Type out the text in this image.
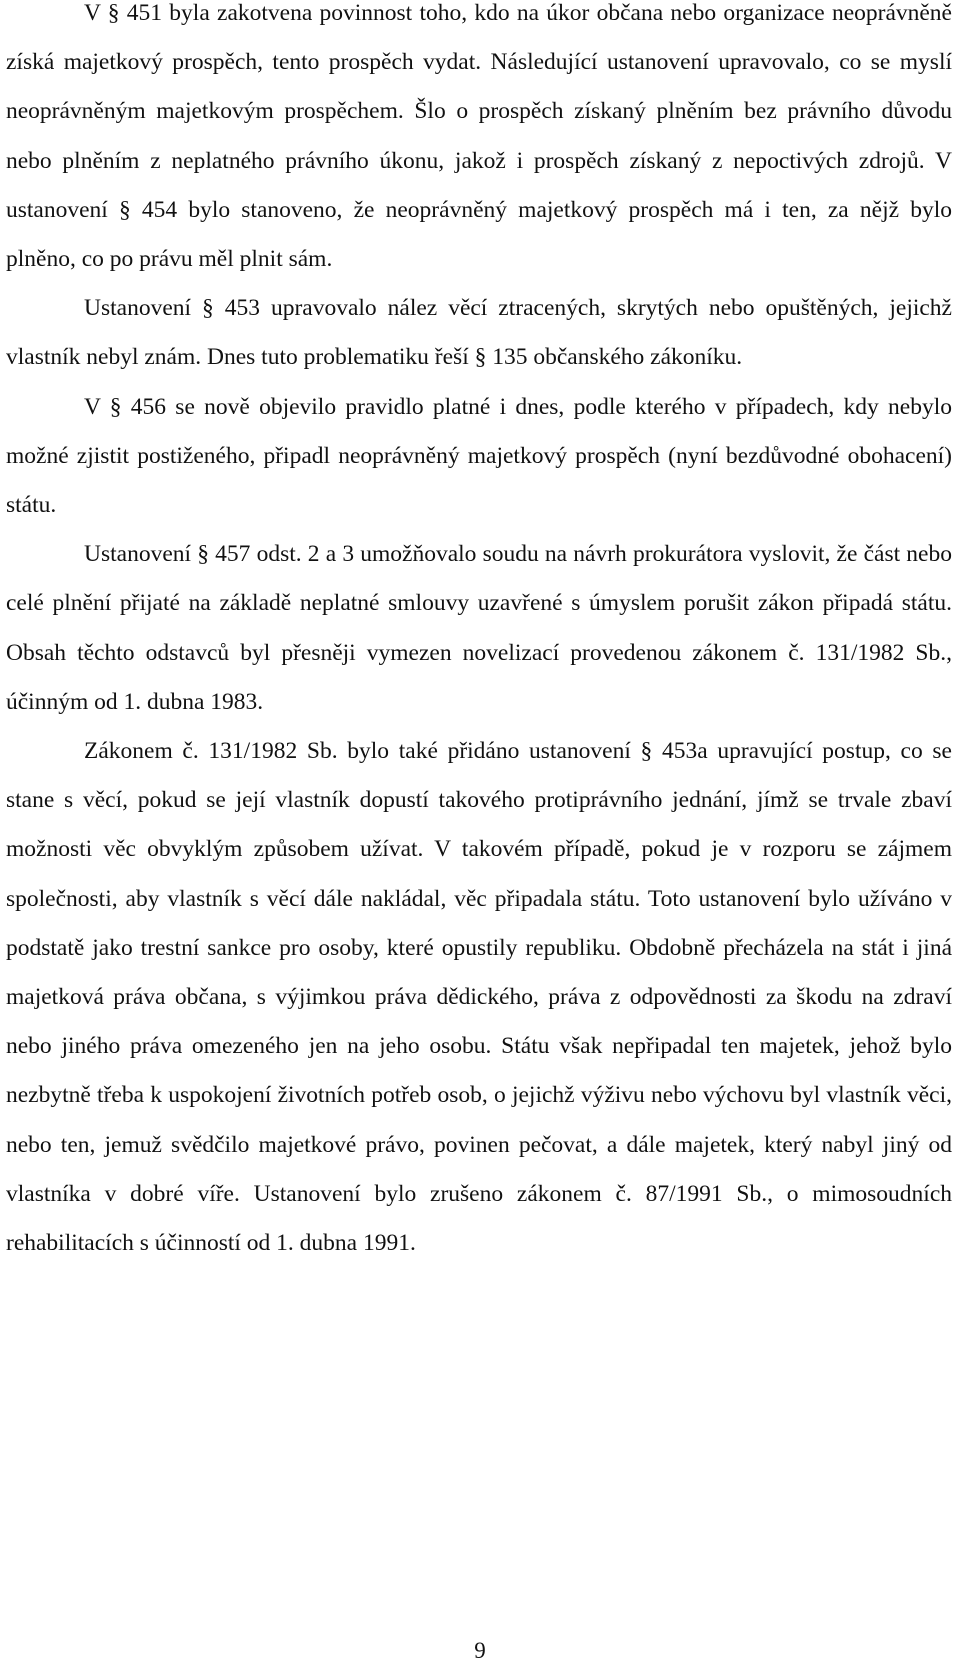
V § 451 byla zakotvena povinnost toho, kdo na úkor občana nebo organizace neoprávněně získá majetkový prospěch, tento prospěch vydat. Následující ustanovení upravovalo, co se myslí neoprávněným majetkovým prospěchem. Šlo o prospěch získaný plněním bez právního důvodu nebo plněním z neplatného právního úkonu, jakož i prospěch získaný z nepoctivých zdrojů. V ustanovení § 454 bylo stanoveno, že neoprávněný majetkový prospěch má i ten, za nějž bylo plněno, co po právu měl plnit sám.

Ustanovení § 453 upravovalo nález věcí ztracených, skrytých nebo opuštěných, jejichž vlastník nebyl znám. Dnes tuto problematiku řeší § 135 občanského zákoníku.

V § 456 se nově objevilo pravidlo platné i dnes, podle kterého v případech, kdy nebylo možné zjistit postiženého, připadl neoprávněný majetkový prospěch (nyní bezdůvodné obohacení) státu.

Ustanovení § 457 odst. 2 a 3 umožňovalo soudu na návrh prokurátora vyslovit, že část nebo celé plnění přijaté na základě neplatné smlouvy uzavřené s úmyslem porušit zákon připadá státu. Obsah těchto odstavců byl přesněji vymezen novelizací provedenou zákonem č. 131/1982 Sb., účinným od 1. dubna 1983.

Zákonem č. 131/1982 Sb. bylo také přidáno ustanovení § 453a upravující postup, co se stane s věcí, pokud se její vlastník dopustí takového protiprávního jednání, jímž se trvale zbaví možnosti věc obvyklým způsobem užívat. V takovém případě, pokud je v rozporu se zájmem společnosti, aby vlastník s věcí dále nakládal, věc připadala státu. Toto ustanovení bylo užíváno v podstatě jako trestní sankce pro osoby, které opustily republiku. Obdobně přecházela na stát i jiná majetková práva občana, s výjimkou práva dědického, práva z odpovědnosti za škodu na zdraví nebo jiného práva omezeného jen na jeho osobu. Státu však nepřipadal ten majetek, jehož bylo nezbytně třeba k uspokojení životních potřeb osob, o jejichž výživu nebo výchovu byl vlastník věci, nebo ten, jemuž svědčilo majetkové právo, povinen pečovat, a dále majetek, který nabyl jiný od vlastníka v dobré víře. Ustanovení bylo zrušeno zákonem č. 87/1991 Sb., o mimosoudních rehabilitacích s účinností od 1. dubna 1991.

9
